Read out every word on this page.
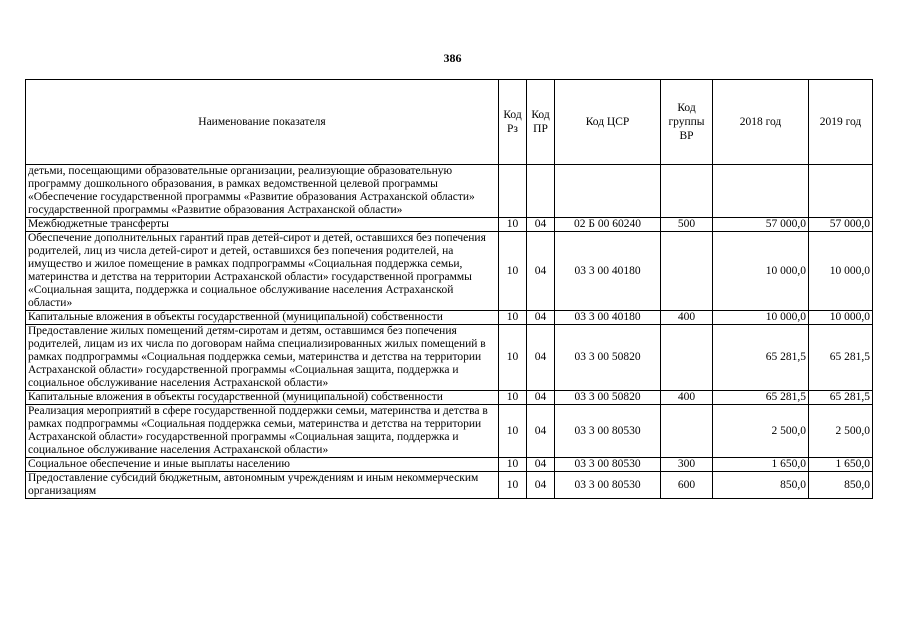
386
Наименование показателя	Код Рз	Код ПР	Код ЦСР	Код группы ВР	2018 год	2019 год
детьми, посещающими образовательные организации, реализующие образовательную программу дошкольного образования, в рамках ведомственной целевой программы «Обеспечение государственной программы «Развитие образования Астраханской области» государственной программы «Развитие образования Астраханской области»						
Межбюджетные трансферты	10	04	02 Б 00 60240	500	57 000,0	57 000,0
Обеспечение дополнительных гарантий прав детей-сирот и детей, оставшихся без попечения родителей, лиц из числа детей-сирот и детей, оставшихся без попечения родителей, на имущество и жилое помещение в рамках подпрограммы «Социальная поддержка семьи, материнства и детства на территории Астраханской области» государственной программы «Социальная защита, поддержка и социальное обслуживание населения Астраханской области»	10	04	03 3 00 40180		10 000,0	10 000,0
Капитальные вложения в объекты государственной (муниципальной) собственности	10	04	03 3 00 40180	400	10 000,0	10 000,0
Предоставление жилых помещений детям-сиротам и детям, оставшимся без попечения родителей, лицам из их числа по договорам найма специализированных жилых помещений в рамках подпрограммы «Социальная поддержка семьи, материнства и детства на территории Астраханской области» государственной программы «Социальная защита, поддержка и социальное обслуживание населения Астраханской области»	10	04	03 3 00 50820		65 281,5	65 281,5
Капитальные вложения в объекты государственной (муниципальной) собственности	10	04	03 3 00 50820	400	65 281,5	65 281,5
Реализация мероприятий в сфере государственной поддержки семьи, материнства и детства в рамках подпрограммы «Социальная поддержка семьи, материнства и детства на территории Астраханской области» государственной программы «Социальная защита, поддержка и социальное обслуживание населения Астраханской области»	10	04	03 3 00 80530		2 500,0	2 500,0
Социальное обеспечение и иные выплаты населению	10	04	03 3 00 80530	300	1 650,0	1 650,0
Предоставление субсидий бюджетным, автономным учреждениям и иным некоммерческим организациям	10	04	03 3 00 80530	600	850,0	850,0
